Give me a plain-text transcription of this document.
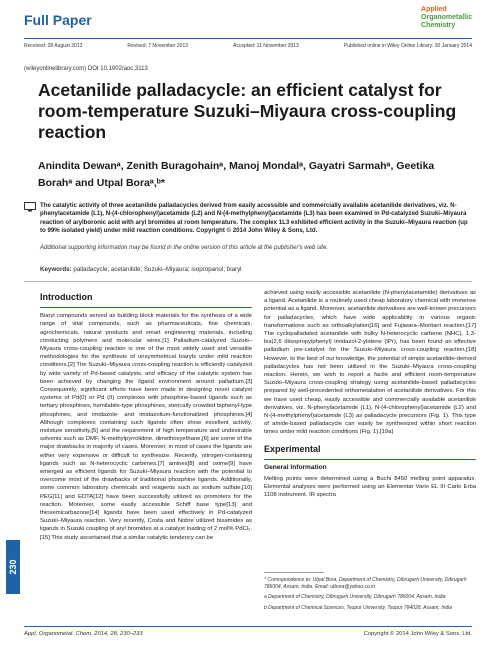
Full Paper
Applied
Organometallic
Chemistry
Received: 28 August 2013	Revised: 7 November 2013	Accepted: 11 November 2013	Published online in Wiley Online Library: 30 January 2014
(wileyonlinelibrary.com) DOI 10.1002/aoc.3113
Acetanilide palladacycle: an efficient catalyst for room-temperature Suzuki–Miyaura cross-coupling reaction
Anindita Dewanᵃ, Zenith Buragohainᵃ, Manoj Mondalᵃ, Gayatri Sarmahᵃ, Geetika Borahᵃ and Utpal Boraᵃ,ᵇ*

The catalytic activity of three acetanilide palladacycles derived from easily accessible and commercially available acetanilide derivatives, viz. N-phenylacetamide (L1), N-(4-chlorophenyl)acetamide (L2) and N-(4-methylphenyl)acetamide (L3) has been examined in Pd-catalyzed Suzuki–Miyaura reaction of arylboronic acid with aryl bromides at room temperature. The complex 1L3 exhibited efficient activity in the Suzuki–Miyaura reaction (up to 99% isolated yield) under mild reaction conditions. Copyright © 2014 John Wiley & Sons, Ltd.

Additional supporting information may be found in the online version of this article at the publisher's web site.

Keywords: palladacycle; acetanilide; Suzuki–Miyaura; isopropanol; biaryl
Introduction

Biaryl compounds served as building block materials for the synthesis of a wide range of vital compounds, such as pharmaceuticals, fine chemicals, agrochemicals, natural products and smart engineering materials, including conducting polymers and molecular wires.[1] Palladium-catalyzed Suzuki–Miyaura cross-coupling reaction is one of the most widely used and versatile methodologies for the synthesis of unsymmetrical biaryls under mild reaction conditions.[2] The Suzuki–Miyaura cross-coupling reaction is efficiently catalyzed by wide variety of Pd-based catalysts, and efficacy of the catalytic system has been achieved by changing the ligand environment around palladium.[3] Consequently, significant efforts have been made in designing novel catalyst systems of Pd(0) or Pd (II) complexes with phosphine-based ligands such as tertiary phosphines, hemilabile-type phosphines, sterically crowded biphenyl-type phosphines, and imidazole- and imidazolium-functionalized phosphines.[4] Although complexes containing such ligands often show excellent activity, moisture sensitivity,[5] and the requirement of high temperature and undesirable solvents such as DMF, N-methylpyrrolidine, dimethoxyethane,[6] are some of the major drawbacks in majority of cases. Moreover, in most of cases the ligands are either very expensive or difficult to synthesize. Recently, nitrogen-containing ligands such as N-heterocyclic carbenes,[7] amines[8] and oxime[9] have emerged as efficient ligands for Suzuki–Miyaura reaction with the potential to overcome most of the drawbacks of traditional phosphine ligands. Additionally, some common laboratory chemicals and reagents such as sodium sulfate,[10] PEG[11] and EDTA[12] have been successfully utilized as promoters for the reaction. Moreover, some easily accessible Schiff base type[13] and thiosemicarbazone[14] ligands have been used effectively in Pd-catalyzed Suzuki–Miyaura reaction. Very recently, Costa and Nobre utilized bisamides as ligands in Suzuki coupling of aryl bromides at a catalyst loading of 2 mol% PdCl₂.[15] This study ascertained that a similar catalytic tendency can be

achieved using easily accessible acetanilide (N-phenylacetamide) derivatives as a ligand. Acetanilide is a routinely used cheap laboratory chemical with immense potential as a ligand. Moreover, acetanilide derivatives are well-known precursors for palladacycles, which have wide applicability in various organic transformations such as orthoalkylation[16] and Fujiwara–Moritani reaction.[17] The cyclopalladated acetanilide with bulky N-heterocyclic carbene (NHC), 1,3-bis(2,6 diisopropylphenyl) imidazol-2-ylidene (IPr), has been found an effective palladium pre-catalyst for the Suzuki–Miyaura cross-coupling reaction.[18] However, to the best of our knowledge, the potential of simple acetanilide-derived palladacycles has not been utilized in the Suzuki–Miyaura cross-coupling reaction. Herein, we wish to report a facile and efficient room-temperature Suzuki–Miyaura cross-coupling strategy using acetanilide-based palladacycles prepared by well-precedented orthometalation of acetanilide derivatives. For this we have used cheap, easily accessible and commercially available acetanilide derivatives, viz. N-phenylacetamide (L1), N-(4-chlorophenyl)acetamide (L2) and N-(4-methylphenyl)acetamide (L3) as palladacycle precursors (Fig. 1). This type of amide-based palladacycle can easily be synthesized within short reaction times under mild reaction conditions (Fig. 1).[19a]

Experimental
General Information

Melting points were determined using a Buchi 8450 melting point apparatus. Elemental analyses were performed using an Elementar Vario EL III Carlo Erba 1108 instrument. IR spectra

230

* Correspondence to: Utpal Bora, Department of Chemistry, Dibrugarh University, Dibrugarh 786004, Assam, India. Email: utbora@yahoo.co.in

a Department of Chemistry, Dibrugarh University, Dibrugarh 786004, Assam, India

b Department of Chemical Sciences, Tezpur University, Tezpur 784028, Assam, India

Appl. Organometal. Chem. 2014, 28, 230–233	Copyright © 2014 John Wiley & Sons, Ltd.
